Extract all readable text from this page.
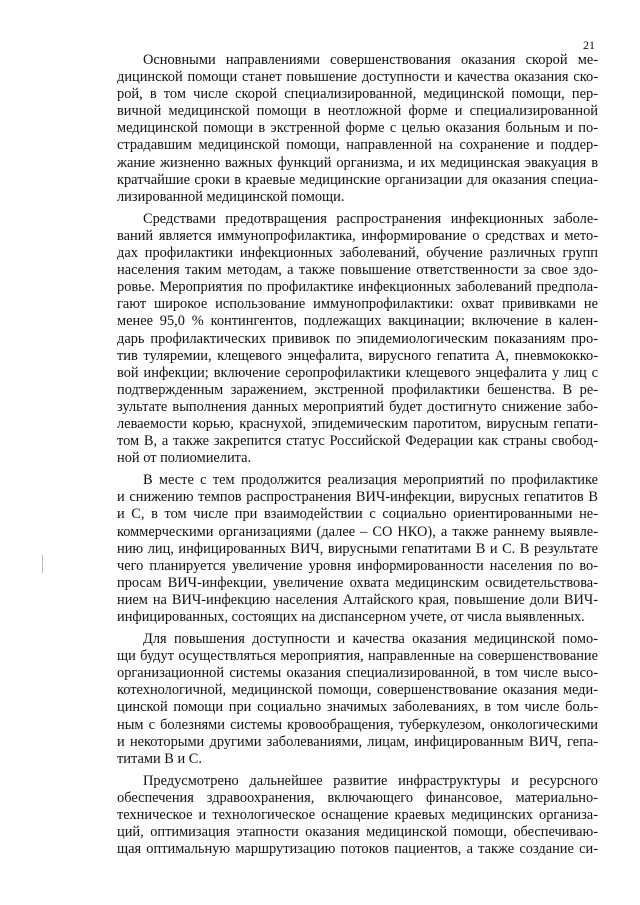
21
Основными направлениями совершенствования оказания скорой ме-
дицинской помощи станет повышение доступности и качества оказания ско-
рой, в том числе скорой специализированной, медицинской помощи, пер-
вичной медицинской помощи в неотложной форме и специализированной
медицинской помощи в экстренной форме с целью оказания больным и по-
страдавшим медицинской помощи, направленной на сохранение и поддер-
жание жизненно важных функций организма, и их медицинская эвакуация в
кратчайшие сроки в краевые медицинские организации для оказания специа-
лизированной медицинской помощи.
Средствами предотвращения распространения инфекционных заболе-
ваний является иммунопрофилактика, информирование о средствах и мето-
дах профилактики инфекционных заболеваний, обучение различных групп
населения таким методам, а также повышение ответственности за свое здо-
ровье. Мероприятия по профилактике инфекционных заболеваний предпола-
гают широкое использование иммунопрофилактики: охват прививками не
менее 95,0 % контингентов, подлежащих вакцинации; включение в кален-
дарь профилактических прививок по эпидемиологическим показаниям про-
тив туляремии, клещевого энцефалита, вирусного гепатита А, пневмококко-
вой инфекции; включение серопрофилактики клещевого энцефалита у лиц с
подтвержденным заражением, экстренной профилактики бешенства. В ре-
зультате выполнения данных мероприятий будет достигнуто снижение забо-
леваемости корью, краснухой, эпидемическим паротитом, вирусным гепати-
том В, а также закрепится статус Российской Федерации как страны свобод-
ной от полиомиелита.
В месте с тем продолжится реализация мероприятий по профилактике
и снижению темпов распространения ВИЧ-инфекции, вирусных гепатитов В
и С, в том числе при взаимодействии с социально ориентированными не-
коммерческими организациями (далее – СО НКО), а также раннему выявле-
нию лиц, инфицированных ВИЧ, вирусными гепатитами В и С. В результате
чего планируется увеличение уровня информированности населения по во-
просам ВИЧ-инфекции, увеличение охвата медицинским освидетельствова-
нием на ВИЧ-инфекцию населения Алтайского края, повышение доли ВИЧ-
инфицированных, состоящих на диспансерном учете, от числа выявленных.
Для повышения доступности и качества оказания медицинской помо-
щи будут осуществляться мероприятия, направленные на совершенствование
организационной системы оказания специализированной, в том числе высо-
котехнологичной, медицинской помощи, совершенствование оказания меди-
цинской помощи при социально значимых заболеваниях, в том числе боль-
ным с болезнями системы кровообращения, туберкулезом, онкологическими
и некоторыми другими заболеваниями, лицам, инфицированным ВИЧ, гепа-
титами В и С.
Предусмотрено дальнейшее развитие инфраструктуры и ресурсного
обеспечения здравоохранения, включающего финансовое, материально-
техническое и технологическое оснащение краевых медицинских организа-
ций, оптимизация этапности оказания медицинской помощи, обеспечиваю-
щая оптимальную маршрутизацию потоков пациентов, а также создание си-
